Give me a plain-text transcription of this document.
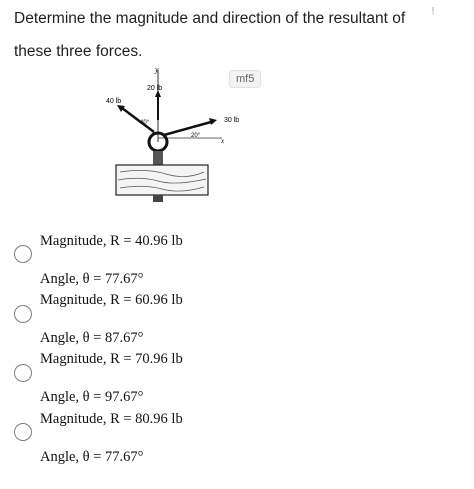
Determine the magnitude and direction of the resultant of these three forces.
!
mf5
y
x
20 lb
40 lb
40°	30 lb
20°
Magnitude, R = 40.96 lb
Angle, θ = 77.67°
Magnitude, R = 60.96 lb
Angle, θ = 87.67°
Magnitude, R = 70.96 lb
Angle, θ = 97.67°
Magnitude, R = 80.96 lb
Angle, θ = 77.67°
